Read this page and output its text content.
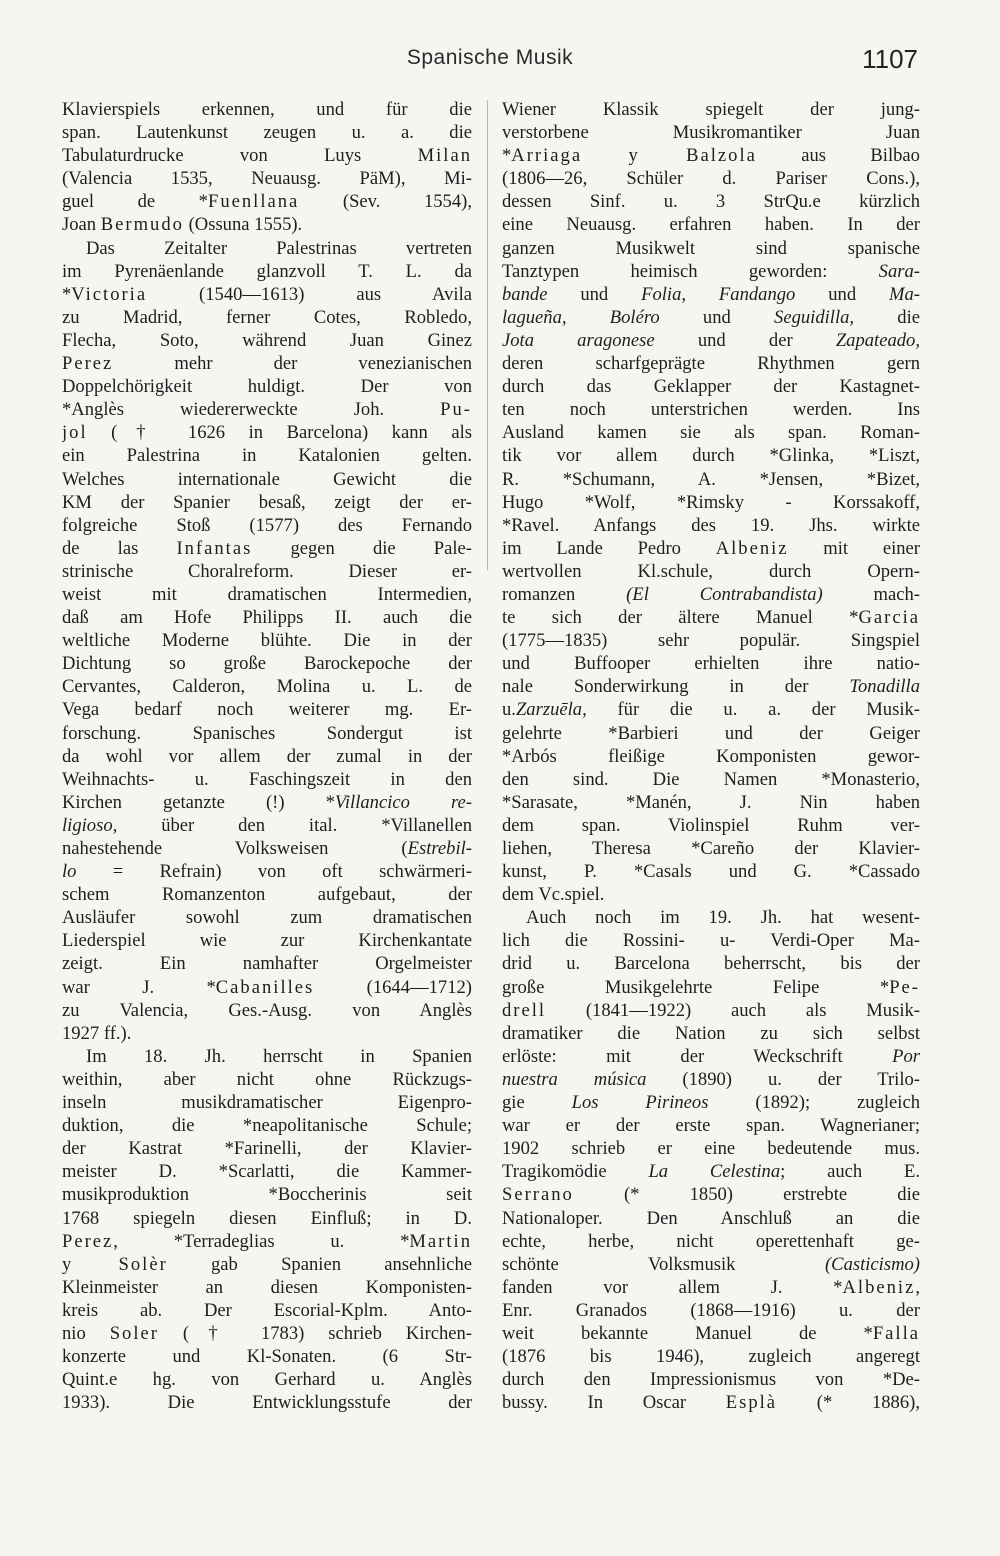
Spanische Musik	1107
Klavierspiels erkennen, und für die
span. Lautenkunst zeugen u. a. die
Tabulaturdrucke von Luys Milan
(Valencia 1535, Neuausg. PäM), Mi-
guel de *Fuenllana (Sev. 1554),
Joan Bermudo (Ossuna 1555).
Das Zeitalter Palestrinas vertreten
im Pyrenäenlande glanzvoll T. L. da
*Victoria (1540—1613) aus Avila
zu Madrid, ferner Cotes, Robledo,
Flecha, Soto, während Juan Ginez
Perez mehr der venezianischen
Doppelchörigkeit huldigt. Der von
*Anglès wiedererweckte Joh. Pu-
jol († 1626 in Barcelona) kann als
ein Palestrina in Katalonien gelten.
Welches internationale Gewicht die
KM der Spanier besaß, zeigt der er-
folgreiche Stoß (1577) des Fernando
de las Infantas gegen die Pale-
strinische Choralreform. Dieser er-
weist mit dramatischen Intermedien,
daß am Hofe Philipps II. auch die
weltliche Moderne blühte. Die in der
Dichtung so große Barockepoche der
Cervantes, Calderon, Molina u. L. de
Vega bedarf noch weiterer mg. Er-
forschung. Spanisches Sondergut ist
da wohl vor allem der zumal in der
Weihnachts- u. Faschingszeit in den
Kirchen getanzte (!) *Villancico re-
ligioso, über den ital. *Villanellen
nahestehende Volksweisen (Estrebil-
lo = Refrain) von oft schwärmeri-
schem Romanzenton aufgebaut, der
Ausläufer sowohl zum dramatischen
Liederspiel wie zur Kirchenkantate
zeigt. Ein namhafter Orgelmeister
war J. *Cabanilles (1644—1712)
zu Valencia, Ges.-Ausg. von Anglès
1927 ff.).
Im 18. Jh. herrscht in Spanien
weithin, aber nicht ohne Rückzugs-
inseln musikdramatischer Eigenpro-
duktion, die *neapolitanische Schule;
der Kastrat *Farinelli, der Klavier-
meister D. *Scarlatti, die Kammer-
musikproduktion *Boccherinis seit
1768 spiegeln diesen Einfluß; in D.
Perez, *Terradeglias u. *Martin
y Solèr gab Spanien ansehnliche
Kleinmeister an diesen Komponisten-
kreis ab. Der Escorial-Kplm. Anto-
nio Soler († 1783) schrieb Kirchen-
konzerte und Kl-Sonaten. (6 Str-
Quint.e hg. von Gerhard u. Anglès
1933). Die Entwicklungsstufe der
Wiener Klassik spiegelt der jung-
verstorbene Musikromantiker Juan
*Arriaga y Balzola aus Bilbao
(1806—26, Schüler d. Pariser Cons.),
dessen Sinf. u. 3 StrQu.e kürzlich
eine Neuausg. erfahren haben. In der
ganzen Musikwelt sind spanische
Tanztypen heimisch geworden: Sara-
bande und Folia, Fandango und Ma-
lagueña, Boléro und Seguidilla, die
Jota aragonese und der Zapateado,
deren scharfgeprägte Rhythmen gern
durch das Geklapper der Kastagnet-
ten noch unterstrichen werden. Ins
Ausland kamen sie als span. Roman-
tik vor allem durch *Glinka, *Liszt,
R. *Schumann, A. *Jensen, *Bizet,
Hugo *Wolf, *Rimsky - Korssakoff,
*Ravel. Anfangs des 19. Jhs. wirkte
im Lande Pedro Albeniz mit einer
wertvollen Kl.schule, durch Opern-
romanzen (El Contrabandista) mach-
te sich der ältere Manuel *Garcia
(1775—1835) sehr populär. Singspiel
und Buffooper erhielten ihre natio-
nale Sonderwirkung in der Tonadilla
u.Zarzuēla, für die u. a. der Musik-
gelehrte *Barbieri und der Geiger
*Arbós fleißige Komponisten gewor-
den sind. Die Namen *Monasterio,
*Sarasate, *Manén, J. Nin haben
dem span. Violinspiel Ruhm ver-
liehen, Theresa *Careño der Klavier-
kunst, P. *Casals und G. *Cassado
dem Vc.spiel.
Auch noch im 19. Jh. hat wesent-
lich die Rossini- u- Verdi-Oper Ma-
drid u. Barcelona beherrscht, bis der
große Musikgelehrte Felipe *Pe-
drell (1841—1922) auch als Musik-
dramatiker die Nation zu sich selbst
erlöste: mit der Weckschrift Por
nuestra música (1890) u. der Trilo-
gie Los Pirineos (1892); zugleich
war er der erste span. Wagnerianer;
1902 schrieb er eine bedeutende mus.
Tragikomödie La Celestina; auch E.
Serrano (* 1850) erstrebte die
Nationaloper. Den Anschluß an die
echte, herbe, nicht operettenhaft ge-
schönte Volksmusik (Casticismo)
fanden vor allem J. *Albeniz,
Enr. Granados (1868—1916) u. der
weit bekannte Manuel de *Falla
(1876 bis 1946), zugleich angeregt
durch den Impressionismus von *De-
bussy. In Oscar Esplà (* 1886),
